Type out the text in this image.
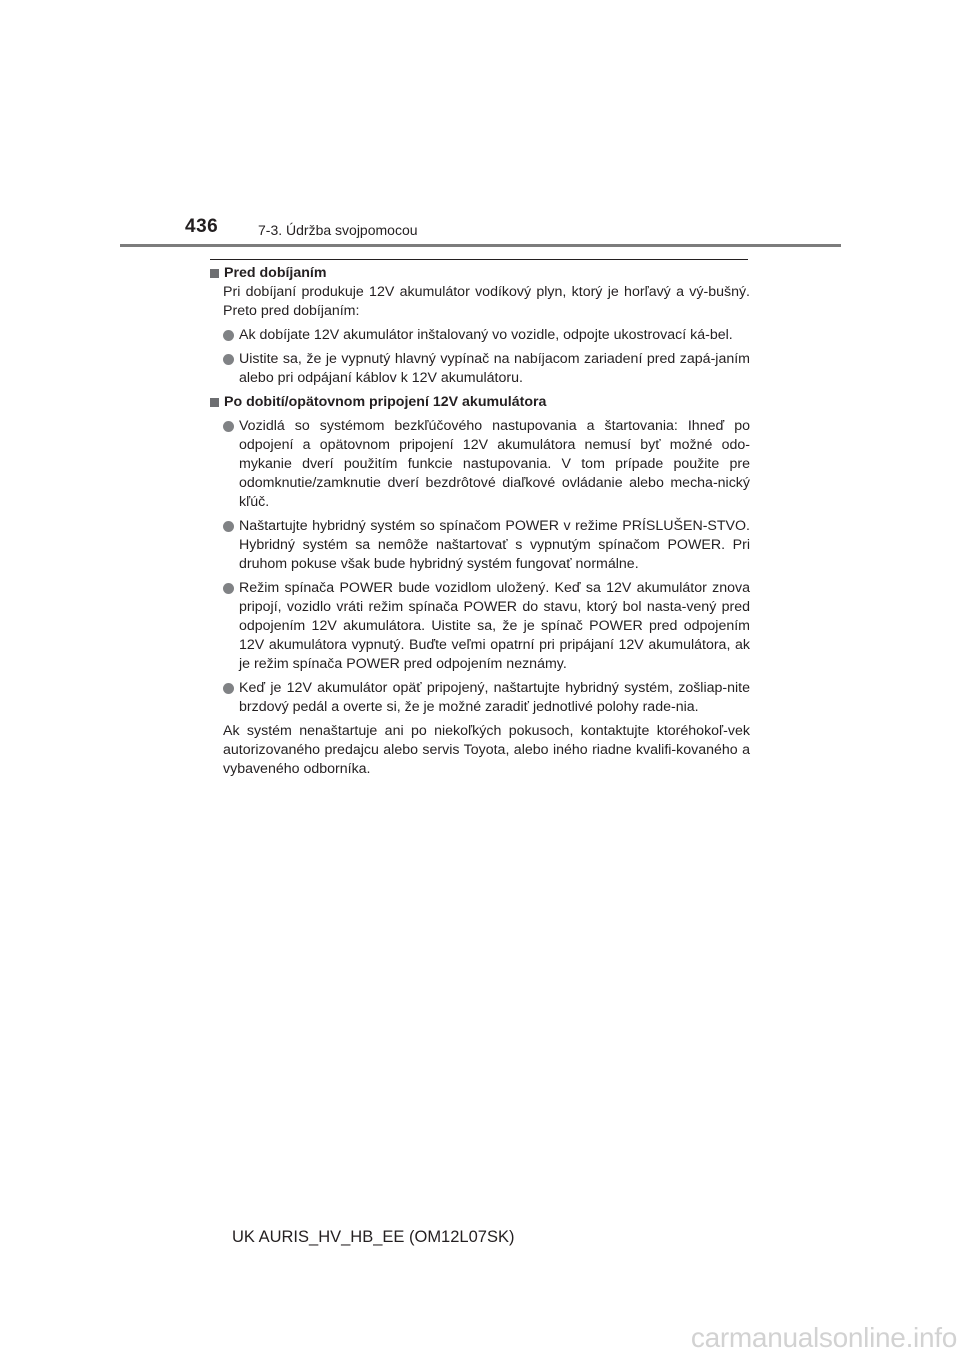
436	7-3. Údržba svojpomocou
Pred dobíjaním
Pri dobíjaní produkuje 12V akumulátor vodíkový plyn, ktorý je horľavý a vý-bušný. Preto pred dobíjaním:
Ak dobíjate 12V akumulátor inštalovaný vo vozidle, odpojte ukostrovací ká-bel.
Uistite sa, že je vypnutý hlavný vypínač na nabíjacom zariadení pred zapá-janím alebo pri odpájaní káblov k 12V akumulátoru.
Po dobití/opätovnom pripojení 12V akumulátora
Vozidlá so systémom bezkľúčového nastupovania a štartovania: Ihneď po odpojení a opätovnom pripojení 12V akumulátora nemusí byť možné odo-mykanie dverí použitím funkcie nastupovania. V tom prípade použite pre odomknutie/zamknutie dverí bezdrôtové diaľkové ovládanie alebo mecha-nický kľúč.
Naštartujte hybridný systém so spínačom POWER v režime PRÍSLUŠEN-STVO. Hybridný systém sa nemôže naštartovať s vypnutým spínačom POWER. Pri druhom pokuse však bude hybridný systém fungovať normálne.
Režim spínača POWER bude vozidlom uložený. Keď sa 12V akumulátor znova pripojí, vozidlo vráti režim spínača POWER do stavu, ktorý bol nasta-vený pred odpojením 12V akumulátora. Uistite sa, že je spínač POWER pred odpojením 12V akumulátora vypnutý. Buďte veľmi opatrní pri pripájaní 12V akumulátora, ak je režim spínača POWER pred odpojením neznámy.
Keď je 12V akumulátor opäť pripojený, naštartujte hybridný systém, zošliap-nite brzdový pedál a overte si, že je možné zaradiť jednotlivé polohy rade-nia.
Ak systém nenaštartuje ani po niekoľkých pokusoch, kontaktujte ktoréhokoľ-vek autorizovaného predajcu alebo servis Toyota, alebo iného riadne kvalifi-kovaného a vybaveného odborníka.
UK AURIS_HV_HB_EE (OM12L07SK)
carmanualsonline.info
